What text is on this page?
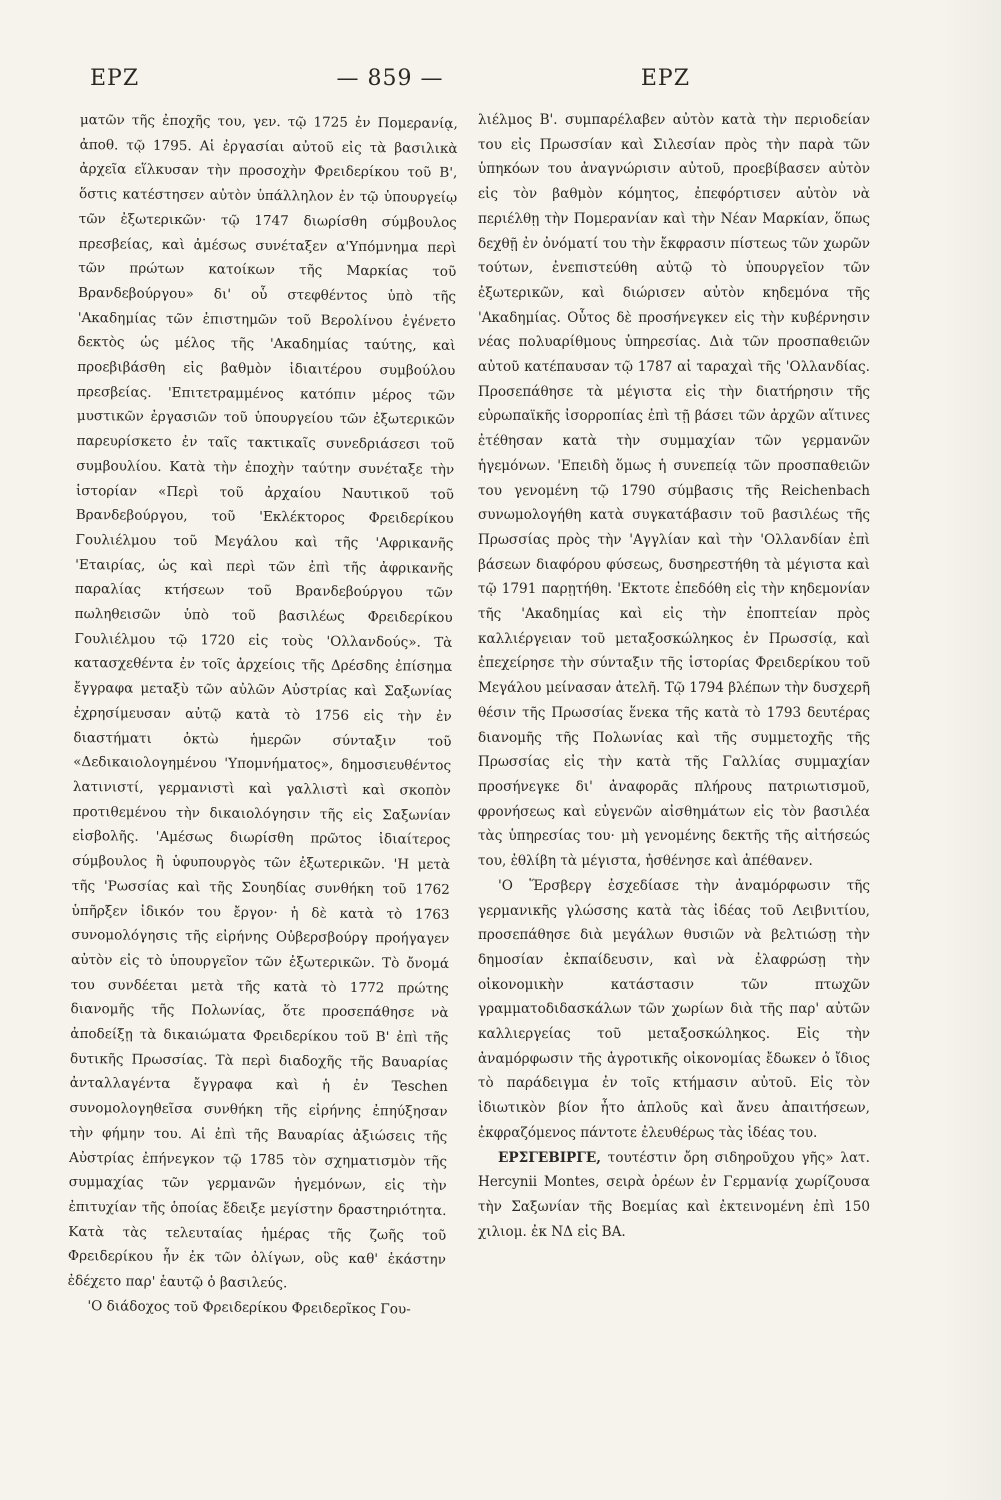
ΕΡΖ	— 859 —	ΕΡΖ

ματῶν τῆς ἐποχῆς του, γεν. τῷ 1725 ἐν Πομερανίᾳ, ἀποθ. τῷ 1795. Αἱ ἐργασίαι αὐτοῦ εἰς τὰ βασιλικὰ ἀρχεῖα εἵλκυσαν τὴν προσοχὴν Φρειδερίκου τοῦ Β', ὅστις κατέστησεν αὐτὸν ὑπάλληλον ἐν τῷ ὑπουργείῳ τῶν ἐξωτερικῶν· τῷ 1747 διωρίσθη σύμβουλος πρεσβείας, καὶ ἀμέσως συνέταξεν α'Υπόμνημα περὶ τῶν πρώτων κατοίκων τῆς Μαρκίας τοῦ Βρανδεβούργου» δι' οὗ στεφθέντος ὑπὸ τῆς 'Ακαδημίας τῶν ἐπιστημῶν τοῦ Βερολίνου ἐγένετο δεκτὸς ὡς μέλος τῆς 'Ακαδημίας ταύτης, καὶ προεβιβάσθη εἰς βαθμὸν ἰδιαιτέρου συμβούλου πρεσβείας. 'Επιτετραμμένος κατόπιν μέρος τῶν μυστικῶν ἐργασιῶν τοῦ ὑπουργείου τῶν ἐξωτερικῶν παρευρίσκετο ἐν ταῖς τακτικαῖς συνεδριάσεσι τοῦ συμβουλίου. Κατὰ τὴν ἐποχὴν ταύτην συνέταξε τὴν ἱστορίαν «Περὶ τοῦ ἀρχαίου Ναυτικοῦ τοῦ Βρανδεβούργου, τοῦ 'Εκλέκτορος Φρειδερίκου Γουλιέλμου τοῦ Μεγάλου καὶ τῆς 'Αφρικανῆς 'Εταιρίας, ὡς καὶ περὶ τῶν ἐπὶ τῆς ἀφρικανῆς παραλίας κτήσεων τοῦ Βρανδεβούργου τῶν πωληθεισῶν ὑπὸ τοῦ βασιλέως Φρειδερίκου Γουλιέλμου τῷ 1720 εἰς τοὺς 'Ολλανδούς». Τὰ κατασχεθέντα ἐν τοῖς ἀρχείοις τῆς Δρέσδης ἐπίσημα ἔγγραφα μεταξὺ τῶν αὐλῶν Αὐστρίας καὶ Σαξωνίας ἐχρησίμευσαν αὐτῷ κατὰ τὸ 1756 εἰς τὴν ἐν διαστήματι ὀκτὼ ἡμερῶν σύνταξιν τοῦ «Δεδικαιολογημένου 'Υπομνήματος», δημοσιευθέντος λατινιστί, γερμανιστὶ καὶ γαλλιστὶ καὶ σκοπὸν προτιθεμένου τὴν δικαιολόγησιν τῆς εἰς Σαξωνίαν εἰσβολῆς. 'Αμέσως διωρίσθη πρῶτος ἰδιαίτερος σύμβουλος ἢ ὑφυπουργὸς τῶν ἐξωτερικῶν. 'Η μετὰ τῆς 'Ρωσσίας καὶ τῆς Σουηδίας συνθήκη τοῦ 1762 ὑπῆρξεν ἰδικόν του ἔργον· ἡ δὲ κατὰ τὸ 1763 συνομολόγησις τῆς εἰρήνης Οὐβερσβούργ προήγαγεν αὐτὸν εἰς τὸ ὑπουργεῖον τῶν ἐξωτερικῶν. Τὸ ὄνομά του συνδέεται μετὰ τῆς κατὰ τὸ 1772 πρώτης διανομῆς τῆς Πολωνίας, ὅτε προσεπάθησε νὰ ἀποδείξῃ τὰ δικαιώματα Φρειδερίκου τοῦ Β' ἐπὶ τῆς δυτικῆς Πρωσσίας. Τὰ περὶ διαδοχῆς τῆς Βαυαρίας ἀνταλλαγέντα ἔγγραφα καὶ ἡ ἐν Teschen συνομολογηθεῖσα συνθήκη τῆς εἰρήνης ἐπηύξησαν τὴν φήμην του. Αἱ ἐπὶ τῆς Βαυαρίας ἀξιώσεις τῆς Αὐστρίας ἐπήνεγκον τῷ 1785 τὸν σχηματισμὸν τῆς συμμαχίας τῶν γερμανῶν ἡγεμόνων, εἰς τὴν ἐπιτυχίαν τῆς ὁποίας ἔδειξε μεγίστην δραστηριότητα. Κατὰ τὰς τελευταίας ἡμέρας τῆς ζωῆς τοῦ Φρειδερίκου ἦν ἐκ τῶν ὀλίγων, οὓς καθ' ἑκάστην ἐδέχετο παρ' ἑαυτῷ ὁ βασιλεύς.

'Ο διάδοχος τοῦ Φρειδερίκου Φρειδερῖκος Γου-

λιέλμος Β'. συμπαρέλαβεν αὐτὸν κατὰ τὴν περιοδείαν του εἰς Πρωσσίαν καὶ Σιλεσίαν πρὸς τὴν παρὰ τῶν ὑπηκόων του ἀναγνώρισιν αὐτοῦ, προεβίβασεν αὐτὸν εἰς τὸν βαθμὸν κόμητος, ἐπεφόρτισεν αὐτὸν νὰ περιέλθῃ τὴν Πομερανίαν καὶ τὴν Νέαν Μαρκίαν, ὅπως δεχθῇ ἐν ὀνόματί του τὴν ἔκφρασιν πίστεως τῶν χωρῶν τούτων, ἐνεπιστεύθη αὐτῷ τὸ ὑπουργεῖον τῶν ἐξωτερικῶν, καὶ διώρισεν αὐτὸν κηδεμόνα τῆς 'Ακαδημίας. Οὗτος δὲ προσήνεγκεν εἰς τὴν κυβέρνησιν νέας πολυαρίθμους ὑπηρεσίας. Διὰ τῶν προσπαθειῶν αὐτοῦ κατέπαυσαν τῷ 1787 αἱ ταραχαὶ τῆς 'Ολλανδίας. Προσεπάθησε τὰ μέγιστα εἰς τὴν διατήρησιν τῆς εὐρωπαϊκῆς ἰσορροπίας ἐπὶ τῇ βάσει τῶν ἀρχῶν αἵτινες ἐτέθησαν κατὰ τὴν συμμαχίαν τῶν γερμανῶν ἡγεμόνων. 'Επειδὴ ὅμως ἡ συνεπείᾳ τῶν προσπαθειῶν του γενομένη τῷ 1790 σύμβασις τῆς Reichenbach συνωμολογήθη κατὰ συγκατάβασιν τοῦ βασιλέως τῆς Πρωσσίας πρὸς τὴν 'Αγγλίαν καὶ τὴν 'Ολλανδίαν ἐπὶ βάσεων διαφόρου φύσεως, δυσηρεστήθη τὰ μέγιστα καὶ τῷ 1791 παρῃτήθη. 'Εκτοτε ἐπεδόθη εἰς τὴν κηδεμονίαν τῆς 'Ακαδημίας καὶ εἰς τὴν ἐποπτείαν πρὸς καλλιέργειαν τοῦ μεταξοσκώληκος ἐν Πρωσσίᾳ, καὶ ἐπεχείρησε τὴν σύνταξιν τῆς ἱστορίας Φρειδερίκου τοῦ Μεγάλου μείνασαν ἀτελῆ. Τῷ 1794 βλέπων τὴν δυσχερῆ θέσιν τῆς Πρωσσίας ἕνεκα τῆς κατὰ τὸ 1793 δευτέρας διανομῆς τῆς Πολωνίας καὶ τῆς συμμετοχῆς τῆς Πρωσσίας εἰς τὴν κατὰ τῆς Γαλλίας συμμαχίαν προσήνεγκε δι' ἀναφορᾶς πλήρους πατριωτισμοῦ, φρονήσεως καὶ εὐγενῶν αἰσθημάτων εἰς τὸν βασιλέα τὰς ὑπηρεσίας του· μὴ γενομένης δεκτῆς τῆς αἰτήσεώς του, ἐθλίβη τὰ μέγιστα, ἠσθένησε καὶ ἀπέθανεν.

'Ο Ἕρσβεργ ἐσχεδίασε τὴν ἀναμόρφωσιν τῆς γερμανικῆς γλώσσης κατὰ τὰς ἰδέας τοῦ Λειβνιτίου, προσεπάθησε διὰ μεγάλων θυσιῶν νὰ βελτιώσῃ τὴν δημοσίαν ἐκπαίδευσιν, καὶ νὰ ἐλαφρώσῃ τὴν οἰκονομικὴν κατάστασιν τῶν πτωχῶν γραμματοδιδασκάλων τῶν χωρίων διὰ τῆς παρ' αὐτῶν καλλιεργείας τοῦ μεταξοσκώληκος. Εἰς τὴν ἀναμόρφωσιν τῆς ἀγροτικῆς οἰκονομίας ἔδωκεν ὁ ἴδιος τὸ παράδειγμα ἐν τοῖς κτήμασιν αὐτοῦ. Εἰς τὸν ἰδιωτικὸν βίον ἦτο ἁπλοῦς καὶ ἄνευ ἀπαιτήσεων, ἐκφραζόμενος πάντοτε ἐλευθέρως τὰς ἰδέας του.

ΕΡΣΓΕΒΙΡΓΕ, τουτέστιν ὄρη σιδηροῦχου γῆς» λατ. Hercynii Montes, σειρὰ ὀρέων ἐν Γερμανίᾳ χωρίζουσα τὴν Σαξωνίαν τῆς Βοεμίας καὶ ἐκτεινομένη ἐπὶ 150 χιλιομ. ἐκ ΝΔ εἰς ΒΑ.
